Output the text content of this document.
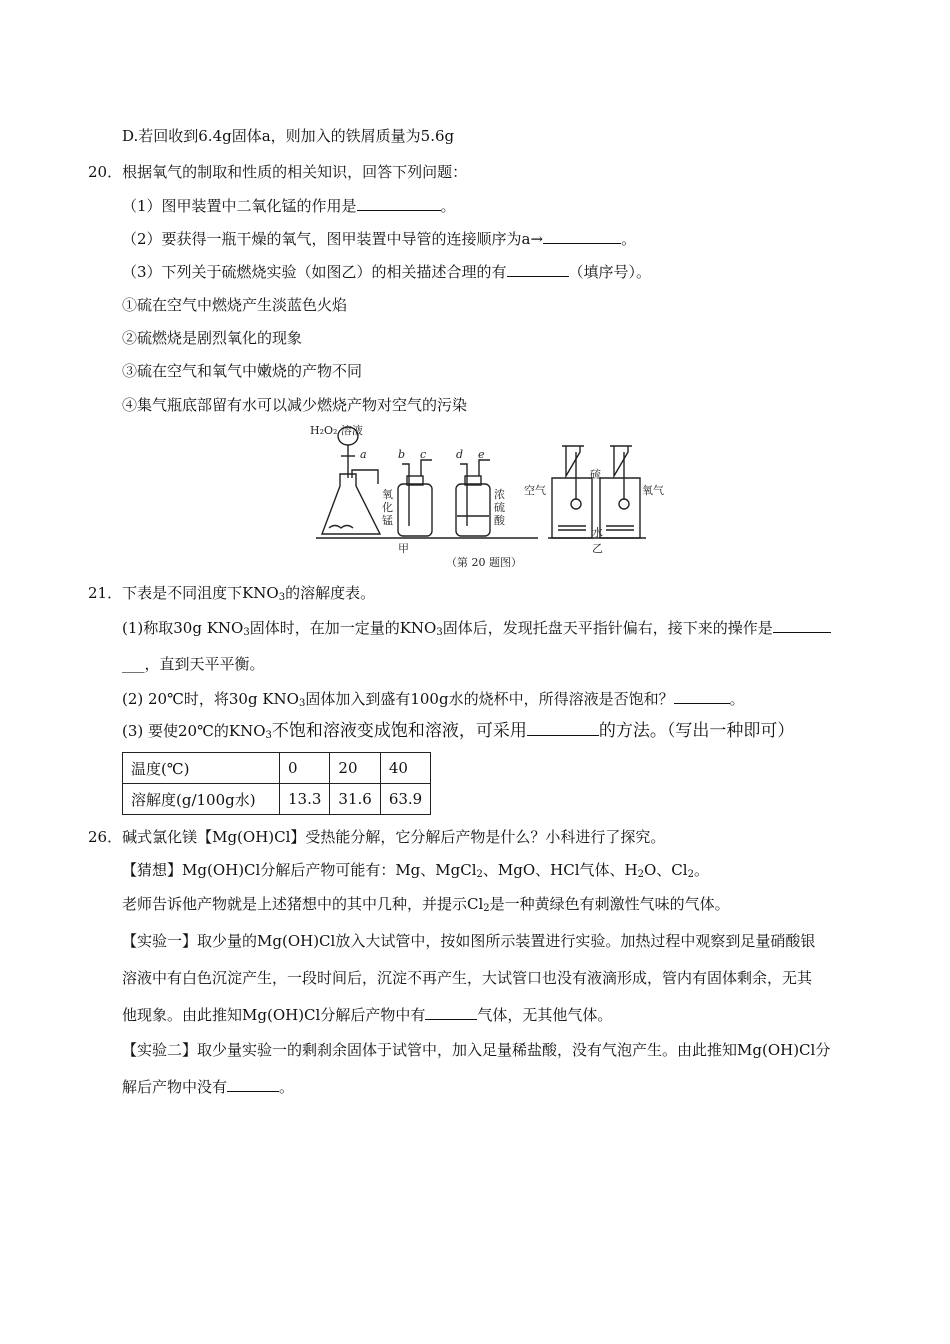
D.若回收到6.4g固体a，则加入的铁屑质量为5.6g
20．根据氧气的制取和性质的相关知识，回答下列问题：
（1）图甲装置中二氧化锰的作用是	。
（2）要获得一瓶干燥的氧气，图甲装置中导管的连接顺序为a→	。
（3）下列关于硫燃烧实验（如图乙）的相关描述合理的有	（填序号）。
①硫在空气中燃烧产生淡蓝色火焰
②硫燃烧是剧烈氧化的现象
③硫在空气和氧气中嫩烧的产物不同
④集气瓶底部留有水可以减少燃烧产物对空气的污染
H₂O₂ 溶液
a	b c	d e
氧
化
锰
浓
硫
酸
甲
空气
硫
氧气
水
乙
（第 20 题图）
21．下表是不同沮度下$KNO_3$的溶解度表。
(1)称取30g $KNO_3$固体时，在加一定量的$KNO_3$固体后，发现托盘天平指针偏右，接下来的操作是
___，直到天平平衡。
(2) 20℃时，将30g $KNO_3$固体加入到盛有100g水的烧杯中，所得溶液是否饱和？	。
(3) 要使20℃的$KNO_3$不饱和溶液变成饱和溶液，可采用	的方法。（写出一种即可）
温度(℃)	0	20	40
溶解度(g/100g水)	13.3	31.6	63.9
26．碱式氯化镁【Mg(OH)Cl】受热能分解，它分解后产物是什么？小科进行了探究。
【猜想】Mg(OH)Cl分解后产物可能有：Mg、MgCl$_2$、MgO、HCl气体、$H_2O$、$Cl_2$。
老师告诉他产物就是上述猪想中的其中几种，并提示$Cl_2$是一种黄绿色有刺激性气味的气体。
【实验一】取少量的Mg(OH)Cl放入大试管中，按如图所示装置进行实验。加热过程中观察到足量硝酸银
溶液中有白色沉淀产生，一段时间后，沉淀不再产生，大试管口也没有液滴形成，管内有固体剩余，无其
他现象。由此推知Mg(OH)Cl分解后产物中有	气体，无其他气体。
【实验二】取少量实验一的剩刹余固体于试管中，加入足量稀盐酸，没有气泡产生。由此推知Mg(OH)Cl分
解后产物中没有	。
